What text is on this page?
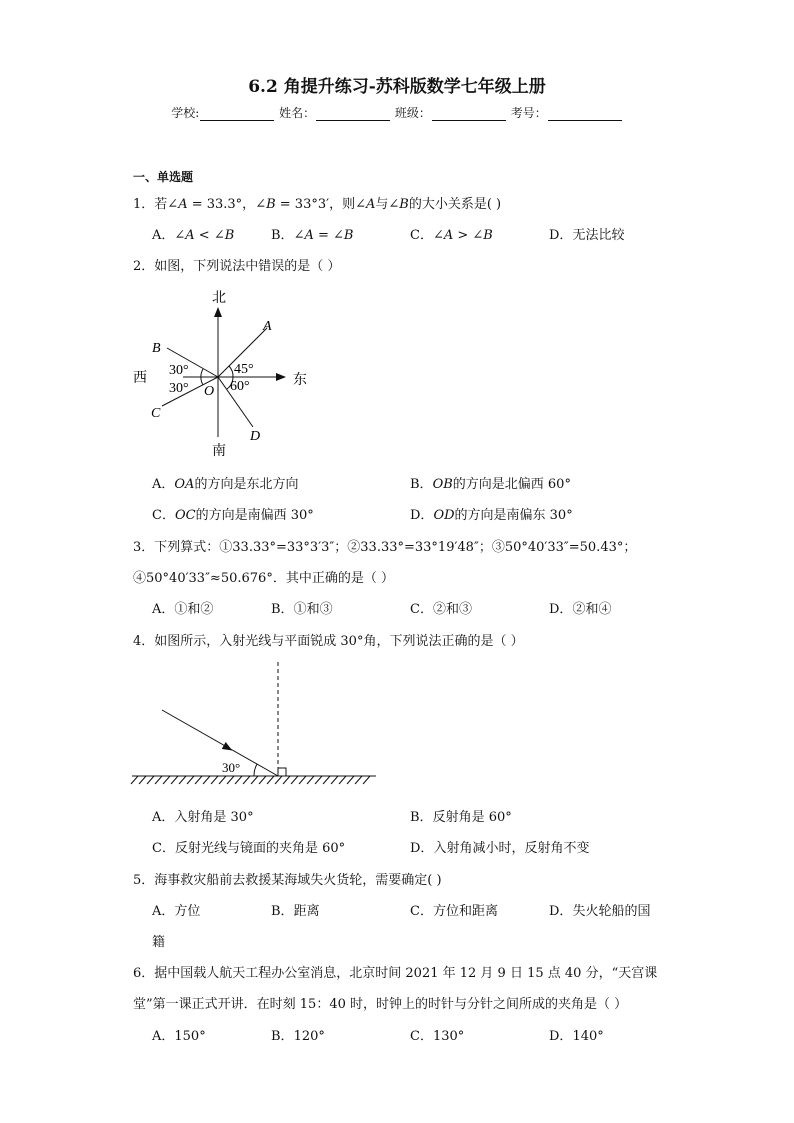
6.2 角提升练习-苏科版数学七年级上册
学校:	姓名：	班级：	考号：
一、单选题
1．若∠A = 33.3°，∠B = 33°3′，则∠A与∠B的大小关系是( )
A．∠A < ∠B	B．∠A = ∠B	C．∠A > ∠B	D．无法比较
2．如图，下列说法中错误的是（ ）
北
南
西	东
A
B
C
D
O
30°
30°
45°
60°
A．OA的方向是东北方向	B．OB的方向是北偏西 60°
C．OC的方向是南偏西 30°	D．OD的方向是南偏东 30°
3．下列算式：①33.33°=33°3′3″；②33.33°=33°19′48″；③50°40′33″=50.43°；
④50°40′33″≈50.676°．其中正确的是（ ）
A．①和②	B．①和③	C．②和③	D．②和④
4．如图所示，入射光线与平面锐成 30°角，下列说法正确的是（ ）
30°
A．入射角是 30°	B．反射角是 60°
C．反射光线与镜面的夹角是 60°	D．入射角减小时，反射角不变
5．海事救灾船前去救援某海域失火货轮，需要确定( )
A．方位	B．距离	C．方位和距离	D．失火轮船的国
籍
6．据中国载人航天工程办公室消息，北京时间 2021 年 12 月 9 日 15 点 40 分，“天宫课
堂”第一课正式开讲．在时刻 15：40 时，时钟上的时针与分针之间所成的夹角是（ ）
A．150°	B．120°	C．130°	D．140°
